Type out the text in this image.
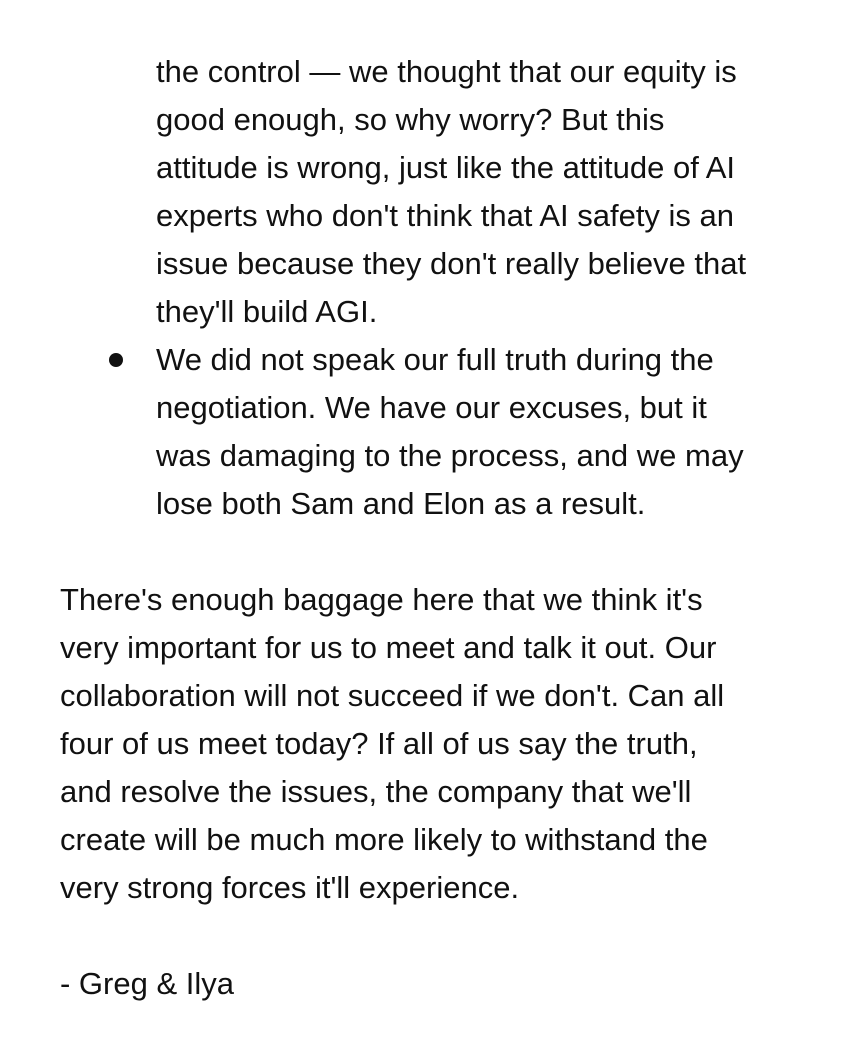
the control — we thought that our equity is
good enough, so why worry? But this
attitude is wrong, just like the attitude of AI
experts who don't think that AI safety is an
issue because they don't really believe that
they'll build AGI.
We did not speak our full truth during the
negotiation. We have our excuses, but it
was damaging to the process, and we may
lose both Sam and Elon as a result.
There's enough baggage here that we think it's
very important for us to meet and talk it out. Our
collaboration will not succeed if we don't. Can all
four of us meet today? If all of us say the truth,
and resolve the issues, the company that we'll
create will be much more likely to withstand the
very strong forces it'll experience.
- Greg & Ilya
